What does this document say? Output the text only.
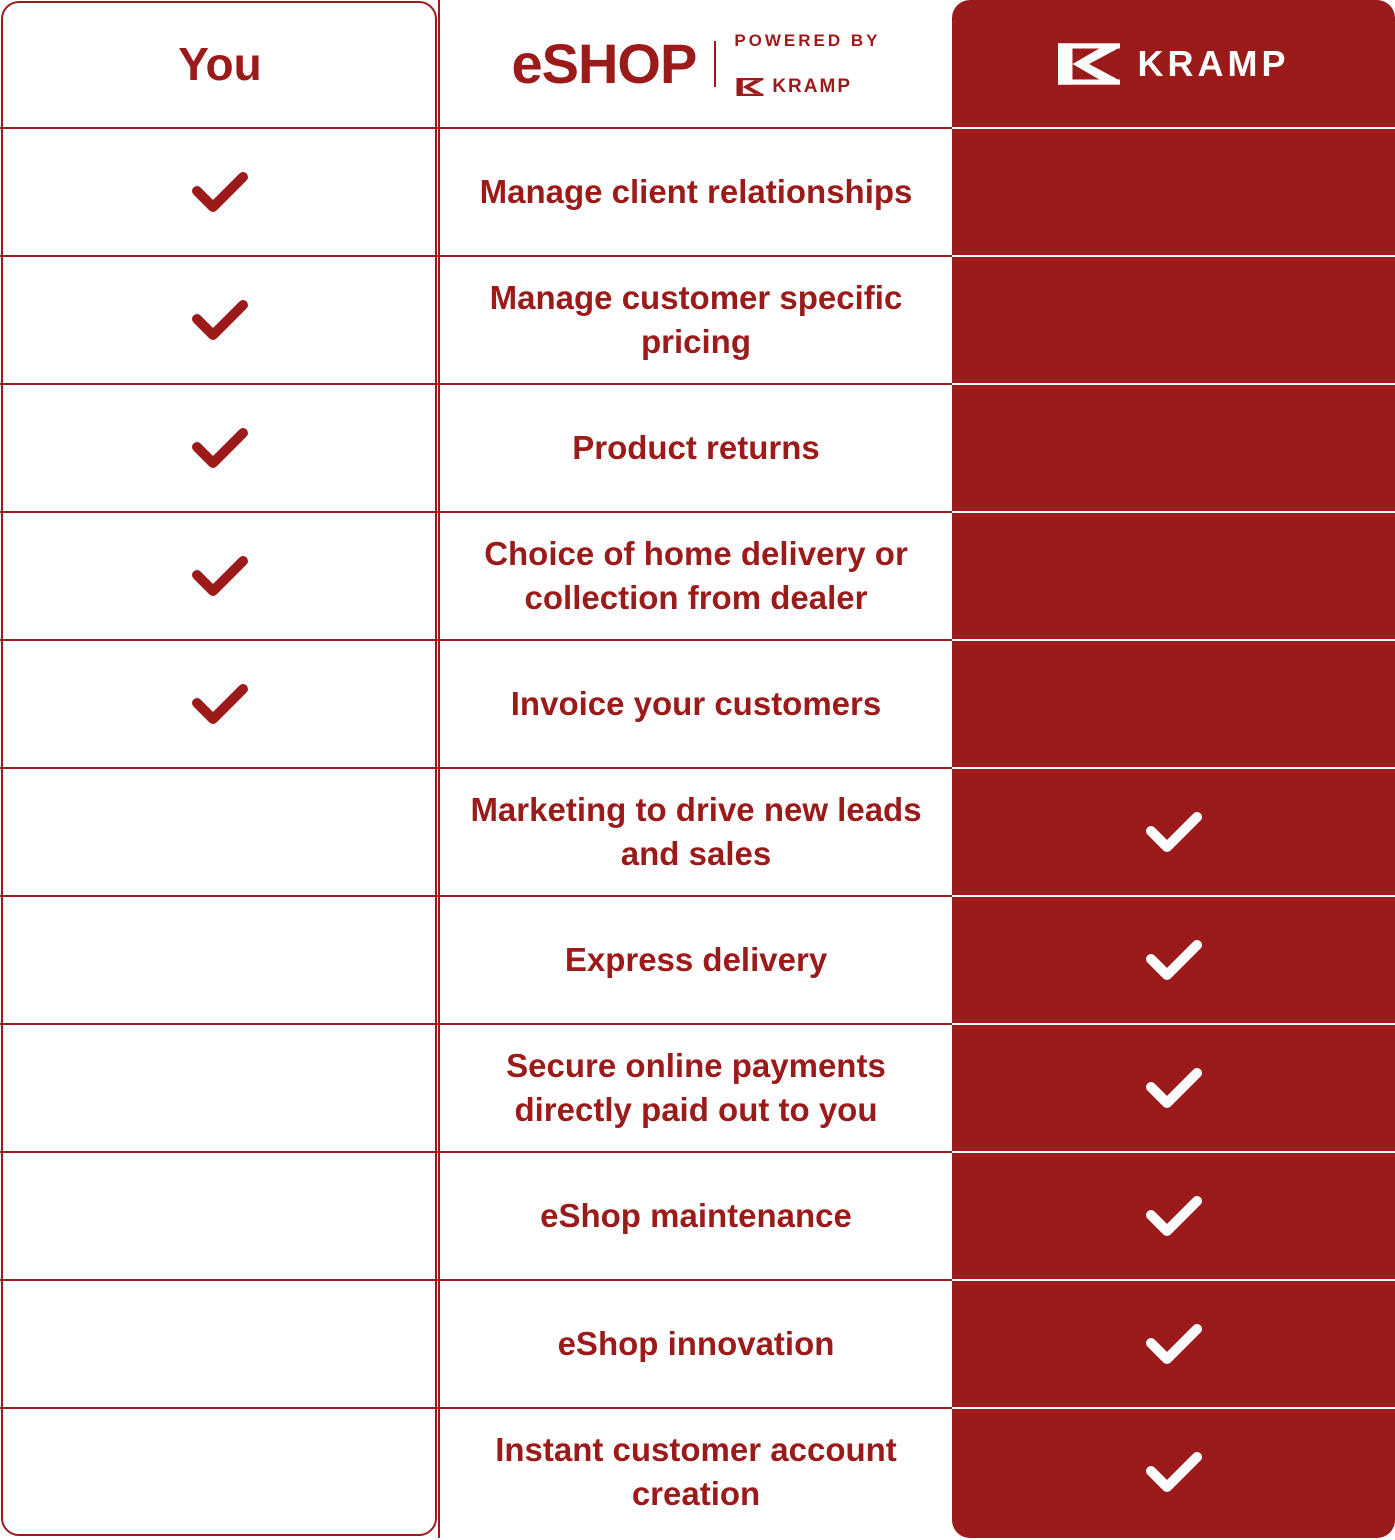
You	eSHOP POWERED BY
KRAMP
KRAMP
Manage client relationships
Manage customer specific pricing
Product returns
Choice of home delivery or collection from dealer
Invoice your customers
Marketing to drive new leads and sales
Express delivery
Secure online payments directly paid out to you
eShop maintenance
eShop innovation
Instant customer account creation
